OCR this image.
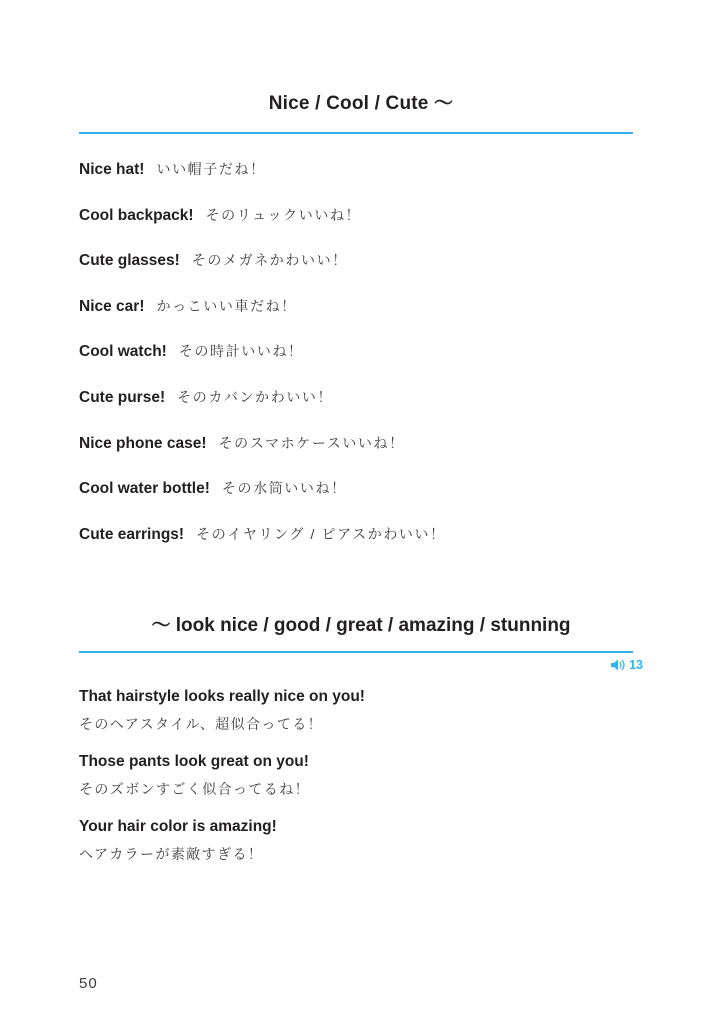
Nice / Cool / Cute 〜
Nice hat! いい帽子だね！
Cool backpack! そのリュックいいね！
Cute glasses! そのメガネかわいい！
Nice car! かっこいい車だね！
Cool watch! その時計いいね！
Cute purse! そのカバンかわいい！
Nice phone case! そのスマホケースいいね！
Cool water bottle! その水筒いいね！
Cute earrings! そのイヤリング / ピアスかわいい！
〜 look nice / good / great / amazing / stunning
13
That hairstyle looks really nice on you!
そのヘアスタイル、超似合ってる！
Those pants look great on you!
そのズボンすごく似合ってるね！
Your hair color is amazing!
ヘアカラーが素敵すぎる！
50
